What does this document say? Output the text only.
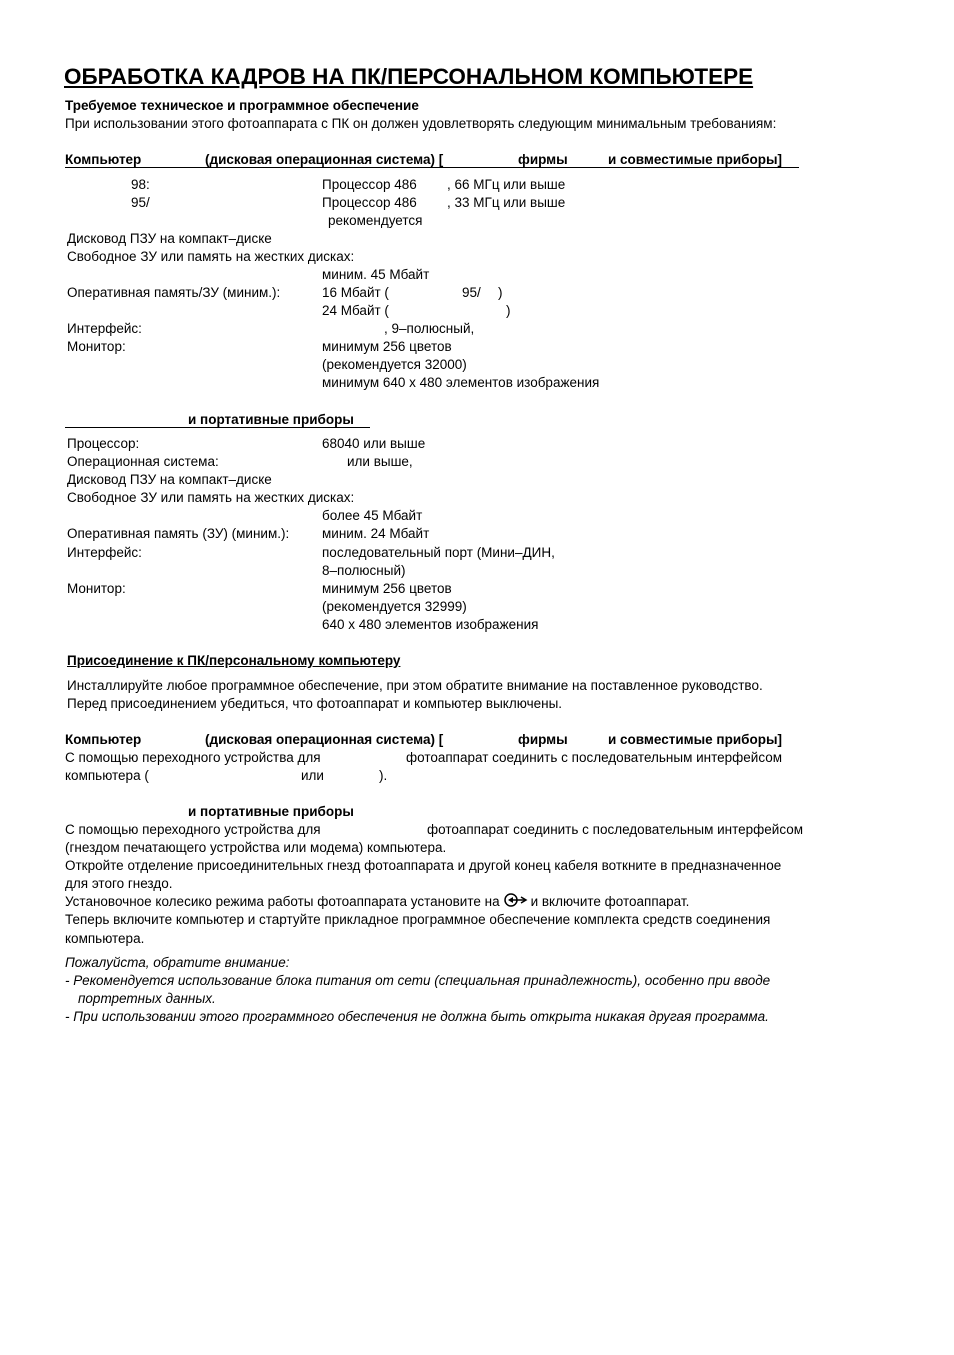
ОБРАБОТКА КАДРОВ НА ПК/ПЕРСОНАЛЬНОМ КОМПЬЮТЕРЕ
Требуемое техническое и программное обеспечение
При использовании этого фотоаппарата с ПК он должен удовлетворять следующим минимальным требованиям:
Компьютер	(дисковая операционная система) [	фирмы	и совместимые приборы]
98:	Процессор 486 , 66 МГц или выше
95/	Процессор 486 , 33 МГц или выше
рекомендуется
Дисковод ПЗУ на компакт–диске
Свободное ЗУ или память на жестких дисках:
миним. 45 Мбайт
Оперативная память/ЗУ (миним.):	16 Мбайт (	95/ )
24 Мбайт (	)
Интерфейс:	, 9–полюсный,
Монитор:	минимум 256 цветов
(рекомендуется 32000)
минимум 640 x 480 элементов изображения
и портативные приборы
Процессор:	68040 или выше
Операционная система:	или выше,
Дисковод ПЗУ на компакт–диске
Свободное ЗУ или память на жестких дисках:
более 45 Мбайт
Оперативная память (ЗУ) (миним.): миним. 24 Мбайт
Интерфейс:	последовательный порт (Мини–ДИН,
8–полюсный)
Монитор:	минимум 256 цветов
(рекомендуется 32999)
640 x 480 элементов изображения
Присоединение к ПК/персональному компьютеру
Инсталлируйте любое программное обеспечение, при этом обратите внимание на поставленное руководство.
Перед присоединением убедиться, что фотоаппарат и компьютер выключены.
Компьютер	(дисковая операционная система) [	фирмы	и совместимые приборы]
С помощью переходного устройства для	фотоаппарат соединить с последовательным интерфейсом
компьютера (	или	).
и портативные приборы
С помощью переходного устройства для	фотоаппарат соединить с последовательным интерфейсом
(гнездом печатающего устройства или модема) компьютера.
Откройте отделение присоединительных гнезд фотоаппарата и другой конец кабеля воткните в предназначенное
для этого гнездо.
Установочное колесико режима работы фотоаппарата установите на и включите фотоаппарат.
Теперь включите компьютер и стартуйте прикладное программное обеспечение комплекта средств соединения
компьютера.
Пожалуйста, обратите внимание:
- Рекомендуется использование блока питания от сети (специальная принадлежность), особенно при вводе
портретных данных.
- При использовании этого программного обеспечения не должна быть открыта никакая другая программа.
